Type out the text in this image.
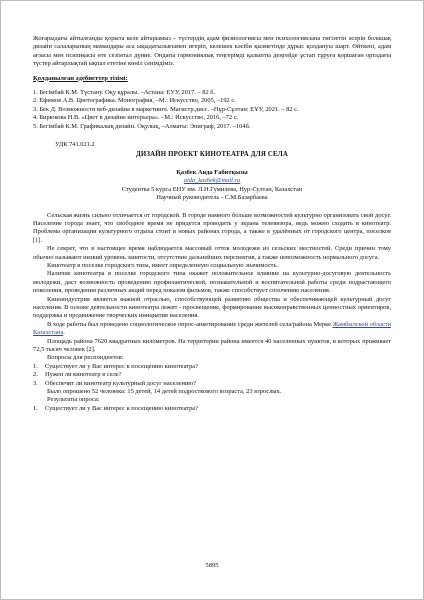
Жоғарыдағы айтылғанды қорыта келе айтарымыз – түстердің адам физиологиясы мен психологиясына тигізетін әсерін болашақ дизайн салаларының мамандары аса ықыдатылығымен игеріп, келешек кәсіби қызметінде дұрыс қолдануы шарт. Өйткені, адам ағзасы мен психикасы өте сезімтал дүние. Ондағы гармониялық теңгерімді қалыпты деңгейде ұстап тұруға қоршаған ортадағы түстер айтарлықтай ықпал ететіне көніл сенімдіміз.

Қолданылған әдебиеттер тізімі:

1. Бегімбай К.М. Түстану. Оқу құралы. –Астана: ЕУУ, 2017. – 82 б.

2. Ефимов А.В. Цветографика. Монография, –М.: Искусство, 2005, –192 с.

3. Бек Д. Возможности веб-дизайна в маркетинге. Магистр.дисс. –Нұр-Сұлтан: ЕҰУ, 2021. – 82 с.

4. Бирюкова Н.В. «Цвет в дизайне интерьера». –М.: Искусство, 2016, –72 с.

5. Бегімбай К.М. Графикалық дизайн. Оқулық, –Алматы: Эпиграф, 2017. –104б.

УДК 741.021.2

ДИЗАЙН ПРОЕКТ КИНОТЕАТРА ДЛЯ СЕЛА

Қазбек Аида Ғабитқызы

aida_kazbek@mail.ru

Студентка 5 курса ЕНУ им. Л.Н.Гумилева, Нур-Султан, Казахстан

Научный руководитель - С.М.Базарбаева

Сельская жизнь сильно отличается от городской. В городе намного больше возможностей культурно организовать свой досуг. Население города знает, что свободное время не придется проводить у экрана телевизора, ведь можно сходить в кинотеатр. Проблема организации культурного отдыха стоит в новых районах города, а также в удалённых от городского центра, поселков [1].

Не секрет, что в настоящее время наблюдается массовый отток молодежи из сельских местностей. Среди причин тому обычно называют низкий уровень занятости, отсутствие дальнейших перспектив, а также невозможность нормального досуга.

Кинотеатр в поселке городского типа, имеет определенную социальную значимость.

Наличие кинотеатра в поселке городского типа окажет положительное влияние на культурно-досуговую деятельность молодежи, даст возможность проведению профилактической, познавательной и воспитательной работы среди подрастающего поколения, проведения различных акций перед показом фильмов, также способствует сплочению населения.

Киноиндустрия является важной отраслью, способствующей развитию общества и обеспечивающей культурный досуг населения. В основе деятельности кинотеатра лежит - просвещение, формирование высоконравственных ценностных ориентиров, поддержка и продвижение творческих инициатив населения.

В ходе работы был проведено социологическое опрос-анкетирование среди жителей села/района Мерке Жамбылской области Казахстана.

Площадь района 7620 квадратных километров. На территории района имеется 40 населенных пунктов, в которых проживает 72,5 тысяч человек [2].

Вопросы для респондентов:

1. Существует ли у Вас интерес к посещению кинотеатра?

2. Нужен ли кинотеатр в селе?

3. Обеспечит ли кинотеатр культурный досуг населению?

Было опрошено 52 человека: 15 детей, 14 детей подросткового возраста, 23 взрослых.

Результаты опроса:

1. Существует ли у Вас интерес к посещению кинотеатра?

5895
